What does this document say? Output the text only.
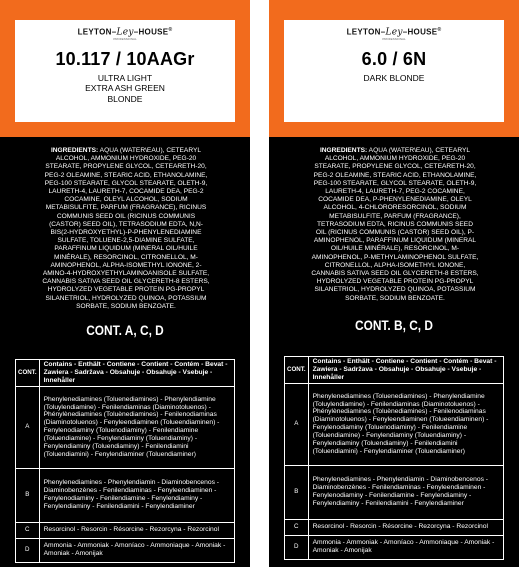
LEYTON–Ley–HOUSE®
PROFESSIONAL
10.117 / 10AAGr
ULTRA LIGHT
EXTRA ASH GREEN
BLONDE
INGREDIENTS: AQUA (WATER\EAU), CETEARYL ALCOHOL, AMMONIUM HYDROXIDE, PEG-20 STEARATE, PROPYLENE GLYCOL, CETEARETH-20, PEG-2 OLEAMINE, STEARIC ACID, ETHANOLAMINE, PEG-100 STEARATE, GLYCOL STEARATE, OLETH-9, LAURETH-4, LAURETH-7, COCAMIDE DEA, PEG-2 COCAMINE, OLEYL ALCOHOL, SODIUM METABISULFITE, PARFUM (FRAGRANCE), RICINUS COMMUNIS SEED OIL (RICINUS COMMUNIS (CASTOR) SEED OIL), TETRASODIUM EDTA, N,N-BIS(2-HYDROXYETHYL)-P-PHENYLENEDIAMINE SULFATE, TOLUENE-2,5-DIAMINE SULFATE, PARAFFINUM LIQUIDUM (MINERAL OIL/HUILE MINÉRALE), RESORCINOL, CITRONELLOL, M-AMINOPHENOL, ALPHA-ISOMETHYL IONONE, 2-AMINO-4-HYDROXYETHYLAMINOANISOLE SULFATE, CANNABIS SATIVA SEED OIL GLYCERETH-8 ESTERS, HYDROLYZED VEGETABLE PROTEIN PG-PROPYL SILANETRIOL, HYDROLYZED QUINOA, POTASSIUM SORBATE, SODIUM BENZOATE.
CONT. A, C, D
CONT.	Contains - Enthält - Contiene - Contient - Contém - Bevat - Zawiera - Sadržava - Obsahuje - Obsahuje - Vsebuje - Innehåller
A	Phenylenediamines (Toluenediamines) - Phenylendiamine (Toluylendiamine) - Fenilendiaminas (Diaminotoluenos) - Phénylènediamines (Toluènediamines) - Fenilenodiaminas (Diaminotoluenos) - Fenyleendiaminen (Tolueendiaminen) - Fenylenodiaminy (Toluenodiaminy) - Fenilendiamine (Toluendiamine) - Fenylendiaminy (Toluendiaminy) - Fenylendiaminy (Toluendiaminy) - Fenilendiamini (Toluendiamini) - Fenylendiaminer (Toluendiaminer)
B	Phenylenediamines - Phenylendiamin - Diaminobencenos - Diaminobenzènes - Fenilendiaminas - Fenyleendiaminen - Fenylenodiaminy - Fenilendiamine - Fenylendiaminy - Fenylendiaminy - Fenilendiamini - Fenylendiaminer
C	Resorcinol - Resorcin - Résorcine - Rezorcyna - Rezorcinol
D	Ammonia - Ammoniak - Amoníaco - Ammoniaque - Amoniak - Amoniak - Amonijak
LEYTON–Ley–HOUSE®
PROFESSIONAL
6.0 / 6N
DARK BLONDE
INGREDIENTS: AQUA (WATER\EAU), CETEARYL ALCOHOL, AMMONIUM HYDROXIDE, PEG-20 STEARATE, PROPYLENE GLYCOL, CETEARETH-20, PEG-2 OLEAMINE, STEARIC ACID, ETHANOLAMINE, PEG-100 STEARATE, GLYCOL STEARATE, OLETH-9, LAURETH-4, LAURETH-7, PEG-2 COCAMINE, COCAMIDE DEA, P-PHENYLENEDIAMINE, OLEYL ALCOHOL, 4-CHLORORESORCINOL, SODIUM METABISULFITE, PARFUM (FRAGRANCE), TETRASODIUM EDTA, RICINUS COMMUNIS SEED OIL (RICINUS COMMUNIS (CASTOR) SEED OIL), P-AMINOPHENOL, PARAFFINUM LIQUIDUM (MINERAL OIL/HUILE MINÉRALE), RESORCINOL, M-AMINOPHENOL, P-METHYLAMINOPHENOL SULFATE, CITRONELLOL, ALPHA-ISOMETHYL IONONE, CANNABIS SATIVA SEED OIL GLYCERETH-8 ESTERS, HYDROLYZED VEGETABLE PROTEIN PG-PROPYL SILANETRIOL, HYDROLYZED QUINOA, POTASSIUM SORBATE, SODIUM BENZOATE.
CONT. B, C, D
CONT.	Contains - Enthält - Contiene - Contient - Contém - Bevat - Zawiera - Sadržava - Obsahuje - Obsahuje - Vsebuje - Innehåller
A	Phenylenediamines (Toluenediamines) - Phenylendiamine (Toluylendiamine) - Fenilendiaminas (Diaminotoluenos) - Phénylènediamines (Toluènediamines) - Fenilenodiaminas (Diaminotoluenos) - Fenyleendiaminen (Tolueendiaminen) - Fenylenodiaminy (Toluenodiaminy) - Fenilendiamine (Toluendiamine) - Fenylendiaminy (Toluendiaminy) - Fenylendiaminy (Toluendiaminy) - Fenilendiamini (Toluendiamini) - Fenylendiaminer (Toluendiaminer)
B	Phenylenediamines - Phenylendiamin - Diaminobencenos - Diaminobenzènes - Fenilendiaminas - Fenyleendiaminen - Fenylenodiaminy - Fenilendiamine - Fenylendiaminy - Fenylendiaminy - Fenilendiamini - Fenylendiaminer
C	Resorcinol - Resorcin - Résorcine - Rezorcyna - Rezorcinol
D	Ammonia - Ammoniak - Amoníaco - Ammoniaque - Amoniak - Amoniak - Amonijak
